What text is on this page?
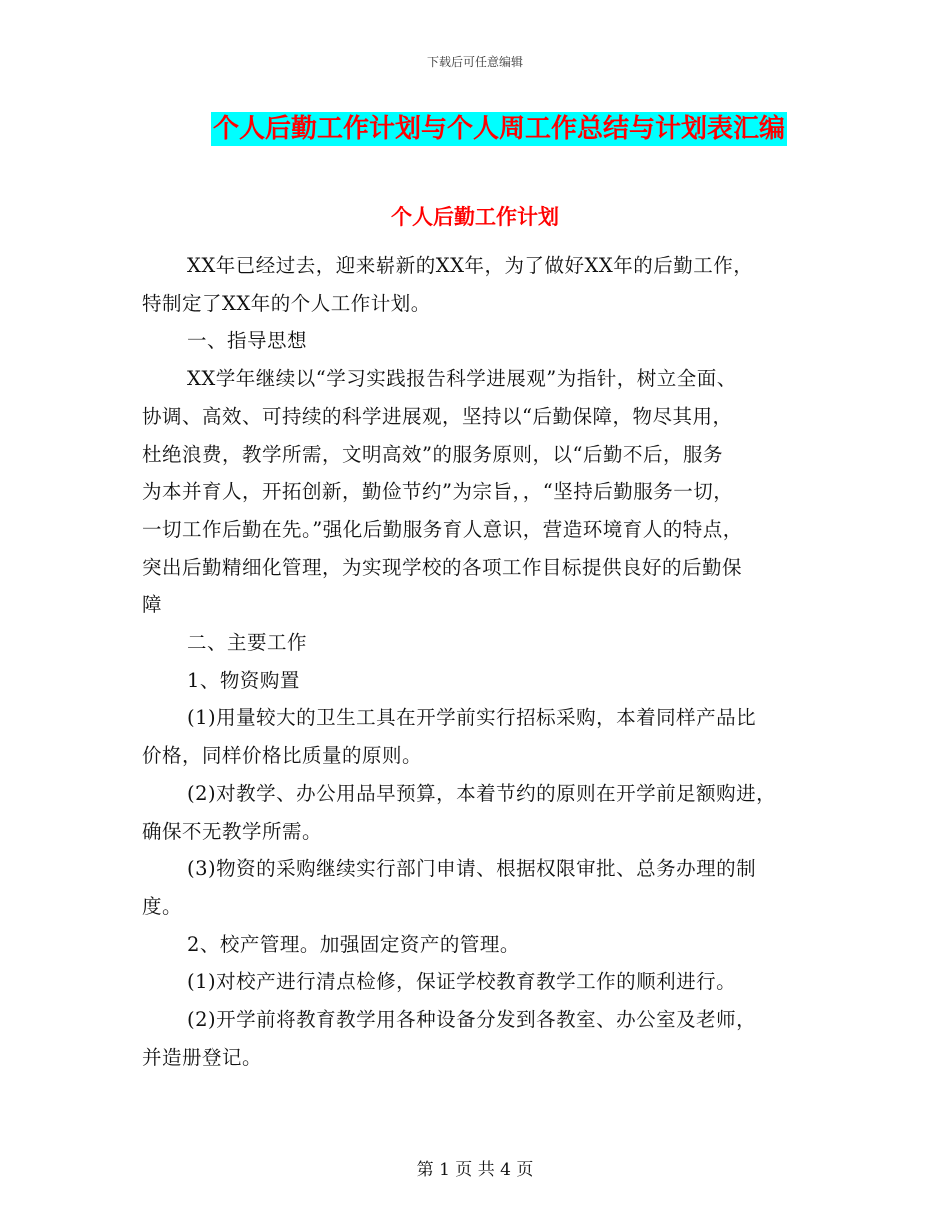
下载后可任意编辑
个人后勤工作计划与个人周工作总结与计划表汇编
个人后勤工作计划
XX年已经过去，迎来崭新的XX年，为了做好XX年的后勤工作，
特制定了XX年的个人工作计划。
一、指导思想
XX学年继续以“学习实践报告科学进展观”为指针，树立全面、
协调、高效、可持续的科学进展观，坚持以“后勤保障，物尽其用，
杜绝浪费，教学所需，文明高效”的服务原则，以“后勤不后，服务
为本并育人，开拓创新，勤俭节约”为宗旨，，“坚持后勤服务一切，
一切工作后勤在先。”强化后勤服务育人意识，营造环境育人的特点，
突出后勤精细化管理，为实现学校的各项工作目标提供良好的后勤保
障
二、主要工作
1、物资购置
(1)用量较大的卫生工具在开学前实行招标采购，本着同样产品比
价格，同样价格比质量的原则。
(2)对教学、办公用品早预算，本着节约的原则在开学前足额购进，
确保不无教学所需。
(3)物资的采购继续实行部门申请、根据权限审批、总务办理的制
度。
2、校产管理。加强固定资产的管理。
(1)对校产进行清点检修，保证学校教育教学工作的顺利进行。
(2)开学前将教育教学用各种设备分发到各教室、办公室及老师，
并造册登记。
第 1 页 共 4 页
